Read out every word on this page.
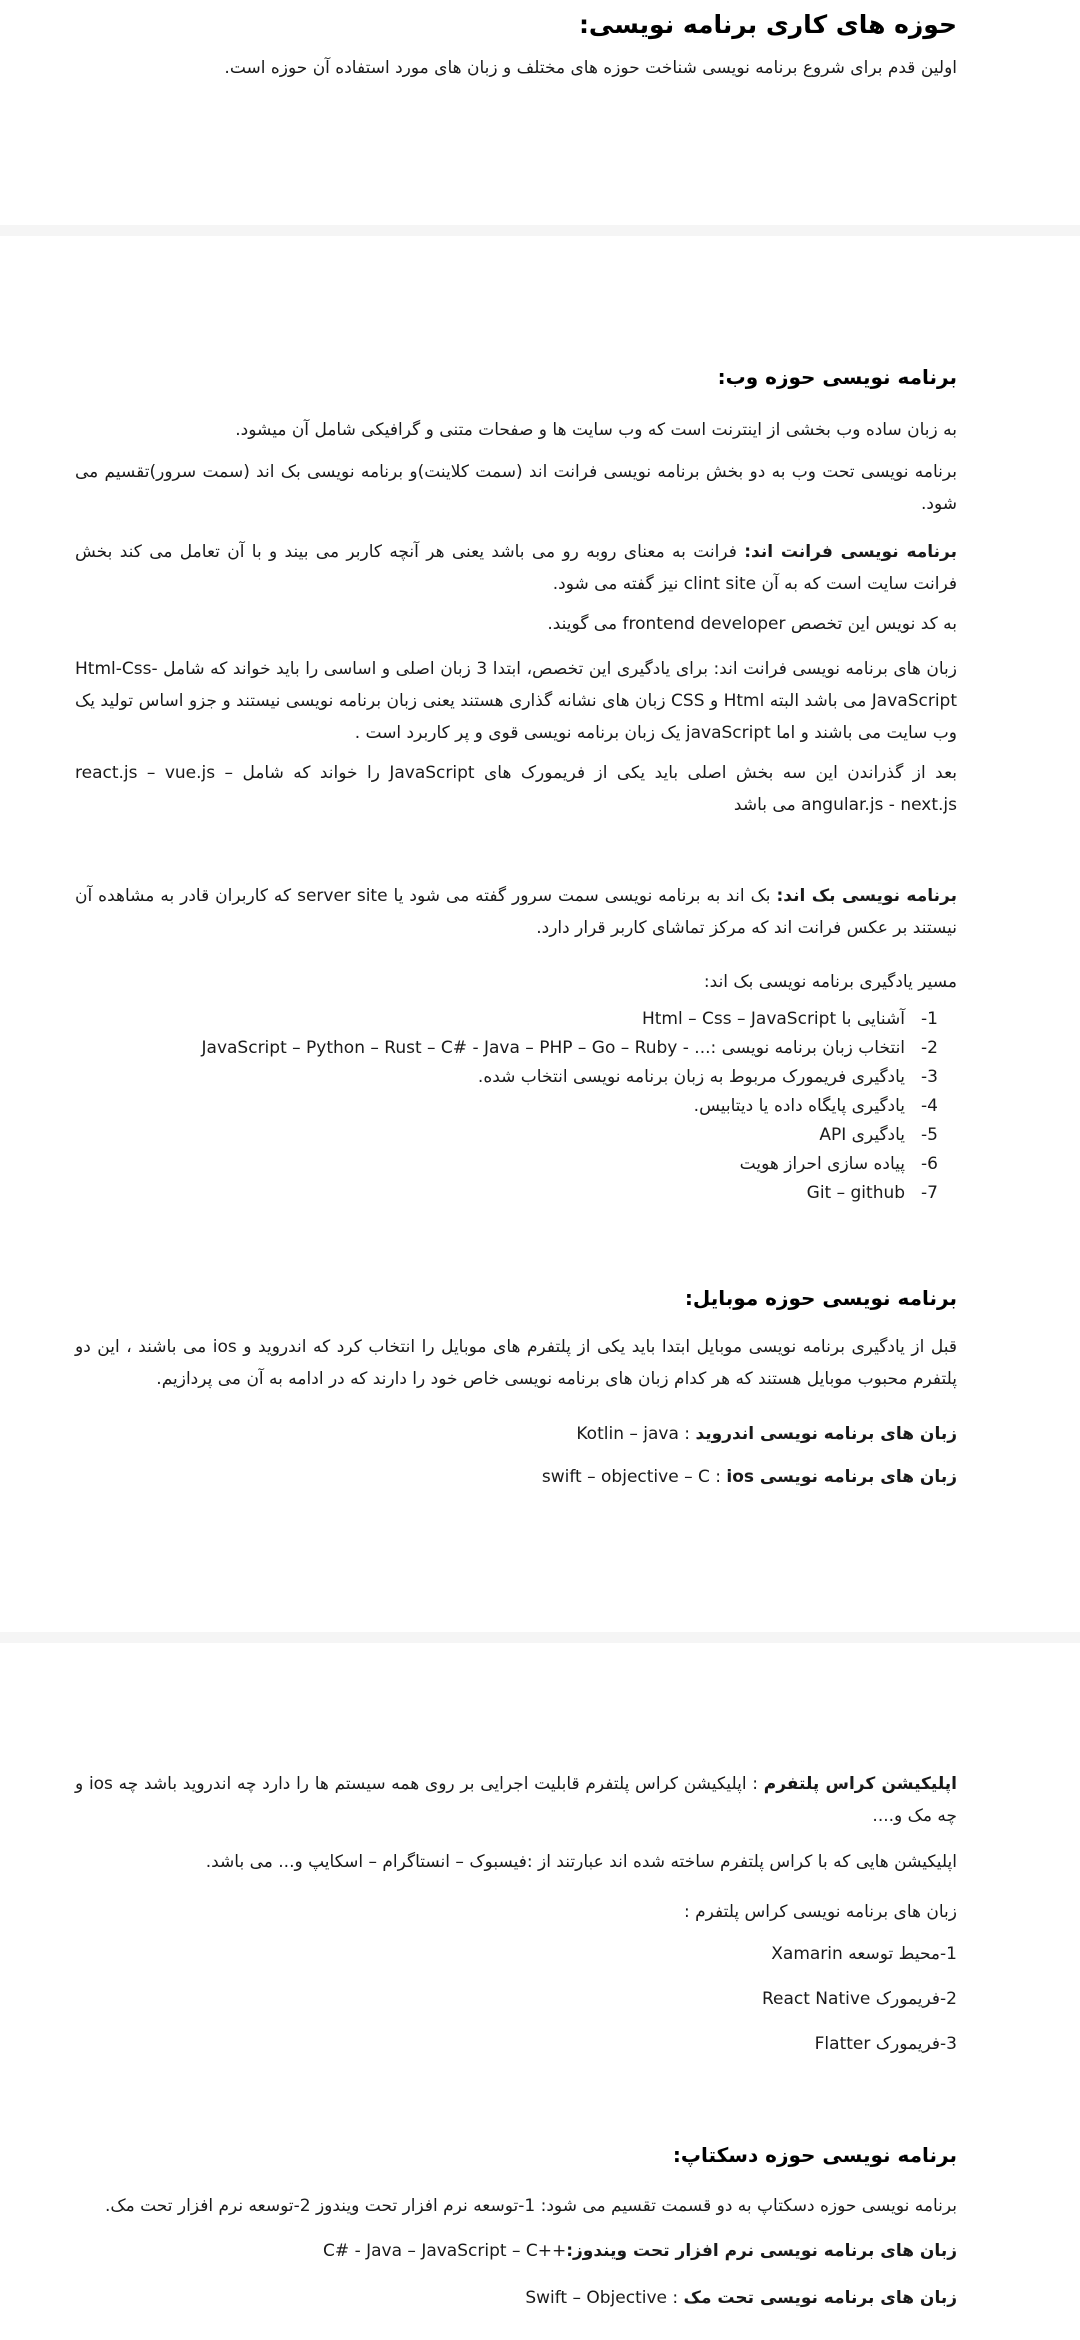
حوزه های کاری برنامه نویسی:
اولین قدم برای شروع برنامه نویسی شناخت حوزه های مختلف و زبان های مورد استفاده آن حوزه است.
برنامه نویسی حوزه وب:
به زبان ساده وب بخشی از اینترنت است که وب سایت ها و صفحات متنی و گرافیکی شامل آن میشود.
برنامه نویسی تحت وب به دو بخش برنامه نویسی فرانت اند (سمت کلاینت)و برنامه نویسی بک اند (سمت سرور)تقسیم می شود.
برنامه نویسی فرانت اند: فرانت به معنای روبه رو می باشد یعنی هر آنچه کاربر می بیند و با آن تعامل می کند بخش فرانت سایت است که به آن clint site نیز گفته می شود.
به کد نویس این تخصص frontend developer می گویند.
زبان های برنامه نویسی فرانت اند: برای یادگیری این تخصص، ابتدا 3 زبان اصلی و اساسی را باید خواند که شامل Html-Css-JavaScript می باشد البته Html و CSS زبان های نشانه گذاری هستند یعنی زبان برنامه نویسی نیستند و جزو اساس تولید یک وب سایت می باشند و اما javaScript یک زبان برنامه نویسی قوی و پر کاربرد است .
بعد از گذراندن این سه بخش اصلی باید یکی از فریمورک های JavaScript را خواند که شامل – react.js – vue.js angular.js - next.js می باشد
برنامه نویسی بک اند: بک اند به برنامه نویسی سمت سرور گفته می شود یا server site که کاربران قادر به مشاهده آن نیستند بر عکس فرانت اند که مرکز تماشای کاربر قرار دارد.
مسیر یادگیری برنامه نویسی بک اند:
1-آشنایی با Html – Css – JavaScript
2-انتخاب زبان برنامه نویسی :... - JavaScript – Python – Rust – C# - Java – PHP – Go – Ruby
3-یادگیری فریمورک مربوط به زبان برنامه نویسی انتخاب شده.
4-یادگیری پایگاه داده یا دیتابیس.
5-یادگیری API
6-پیاده سازی احراز هویت
7-Git – github
برنامه نویسی حوزه موبایل:
قبل از یادگیری برنامه نویسی موبایل ابتدا باید یکی از پلتفرم های موبایل را انتخاب کرد که اندروید و ios می باشند ، این دو پلتفرم محبوب موبایل هستند که هر کدام زبان های برنامه نویسی خاص خود را دارند که در ادامه به آن می پردازیم.
زبان های برنامه نویسی اندروید : Kotlin – java
زبان های برنامه نویسی ios : swift – objective – C
اپلیکیشن کراس پلتفرم : اپلیکیشن کراس پلتفرم قابلیت اجرایی بر روی همه سیستم ها را دارد چه اندروید باشد چه ios و چه مک و....
اپلیکیشن هایی که با کراس پلتفرم ساخته شده اند عبارتند از :فیسبوک – انستاگرام – اسکایپ و... می باشد.
زبان های برنامه نویسی کراس پلتفرم :
1-محیط توسعه Xamarin
2-فریمورک React Native
3-فریمورک Flatter
برنامه نویسی حوزه دسکتاپ:
برنامه نویسی حوزه دسکتاپ به دو قسمت تقسیم می شود: 1-توسعه نرم افزار تحت ویندوز 2-توسعه نرم افزار تحت مک.
زبان های برنامه نویسی نرم افزار تحت ویندوز:C# - Java – JavaScript – C++
زبان های برنامه نویسی تحت مک : Swift – Objective
